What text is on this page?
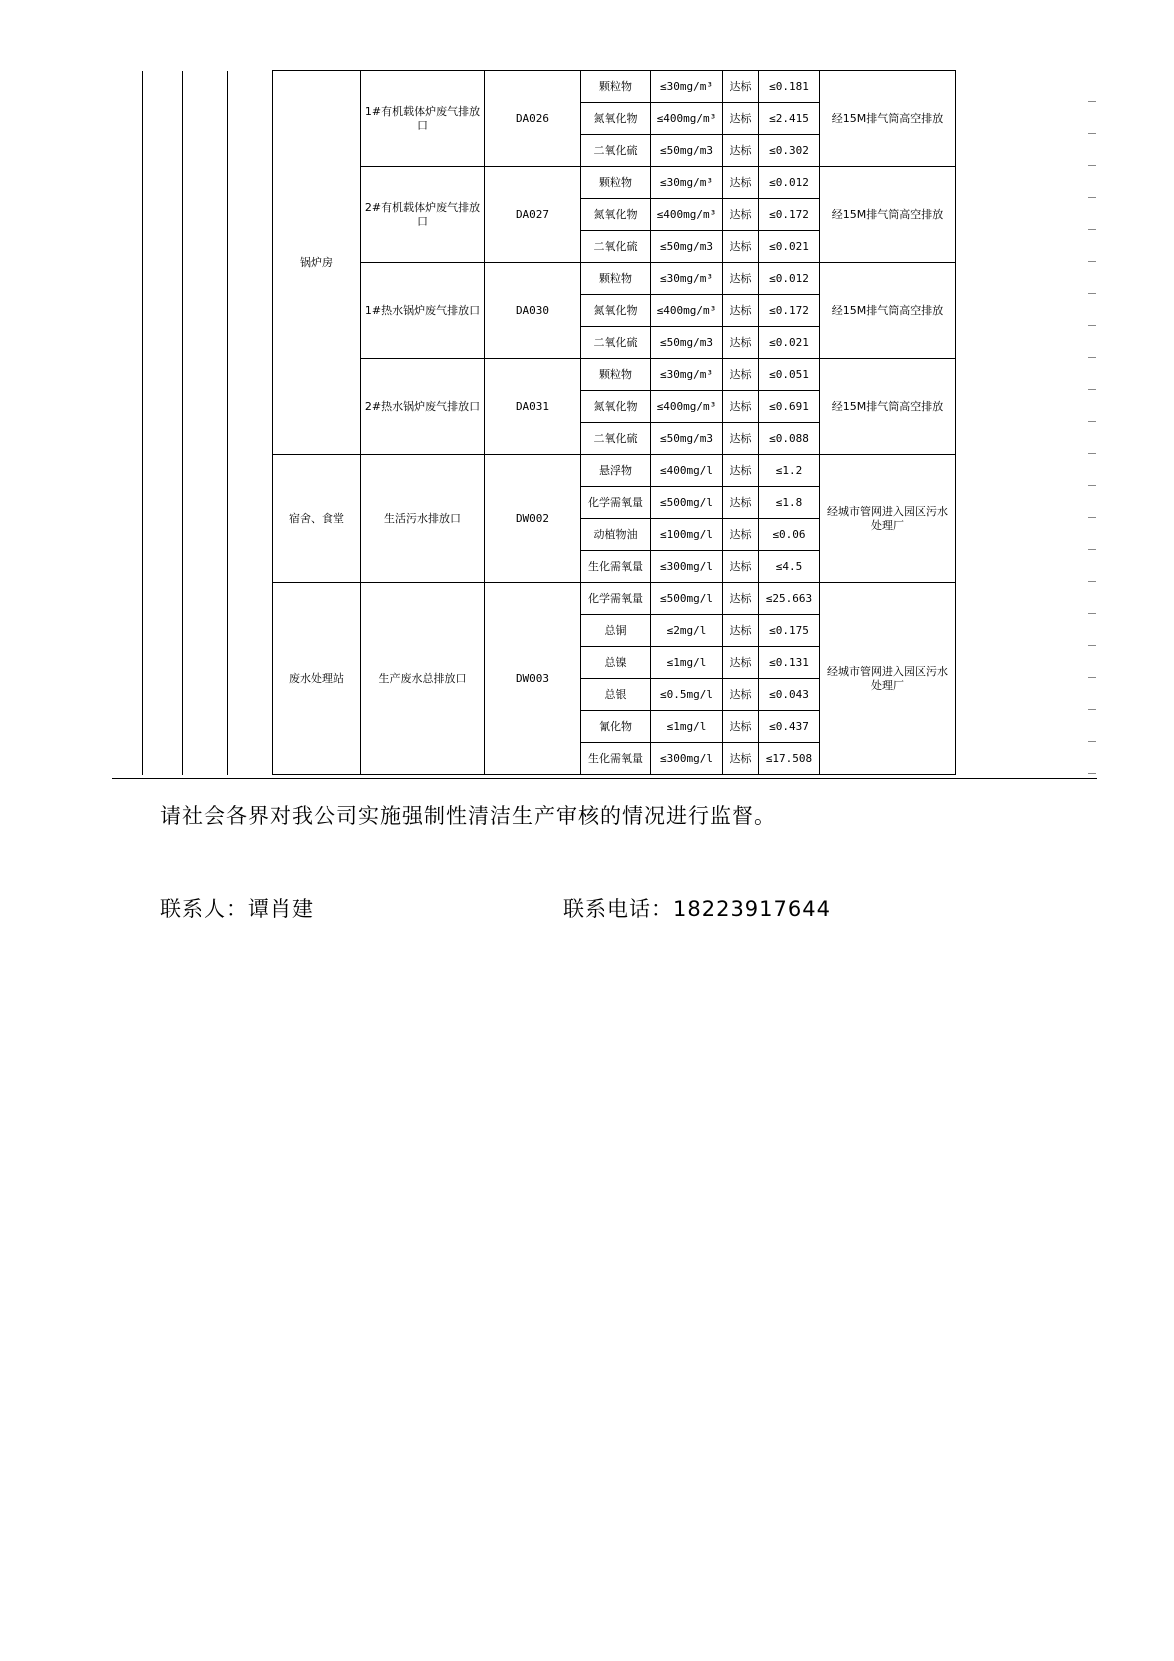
			锅炉房	1#有机载体炉废气排放口	DA026	颗粒物	≤30mg/m³	达标	≤0.181	经15M排气筒高空排放	
						氮氧化物	≤400mg/m³	达标	≤2.415		
						二氧化硫	≤50mg/m3	达标	≤0.302		
				2#有机载体炉废气排放口	DA027	颗粒物	≤30mg/m³	达标	≤0.012	经15M排气筒高空排放	
						氮氧化物	≤400mg/m³	达标	≤0.172		
						二氧化硫	≤50mg/m3	达标	≤0.021		
				1#热水锅炉废气排放口	DA030	颗粒物	≤30mg/m³	达标	≤0.012	经15M排气筒高空排放	
						氮氧化物	≤400mg/m³	达标	≤0.172		
						二氧化硫	≤50mg/m3	达标	≤0.021		
				2#热水锅炉废气排放口	DA031	颗粒物	≤30mg/m³	达标	≤0.051	经15M排气筒高空排放	
						氮氧化物	≤400mg/m³	达标	≤0.691		
						二氧化硫	≤50mg/m3	达标	≤0.088		
			宿舍、食堂	生活污水排放口	DW002	悬浮物	≤400mg/l	达标	≤1.2	经城市管网进入园区污水处理厂	
						化学需氧量	≤500mg/l	达标	≤1.8		
						动植物油	≤100mg/l	达标	≤0.06		
						生化需氧量	≤300mg/l	达标	≤4.5		
			废水处理站	生产废水总排放口	DW003	化学需氧量	≤500mg/l	达标	≤25.663	经城市管网进入园区污水处理厂	
						总铜	≤2mg/l	达标	≤0.175		
						总镍	≤1mg/l	达标	≤0.131		
						总银	≤0.5mg/l	达标	≤0.043		
						氰化物	≤1mg/l	达标	≤0.437		
						生化需氧量	≤300mg/l	达标	≤17.508		
请社会各界对我公司实施强制性清洁生产审核的情况进行监督。
联系人：谭肖建	联系电话：18223917644
